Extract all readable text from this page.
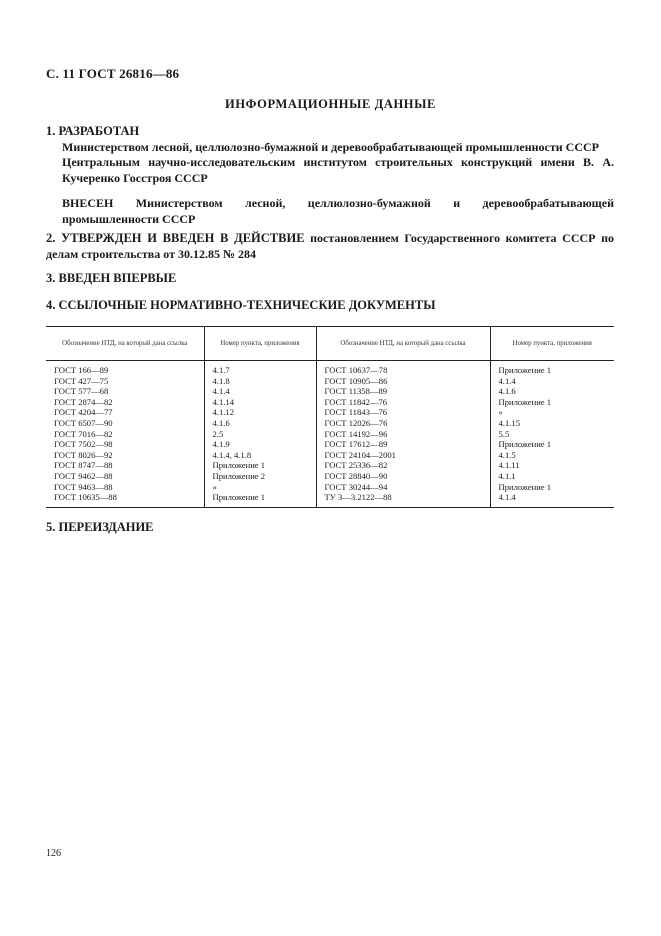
С. 11 ГОСТ 26816—86
ИНФОРМАЦИОННЫЕ ДАННЫЕ
1. РАЗРАБОТАН
Министерством лесной, целлюлозно-бумажной и деревообрабатывающей промышленности СССР
Центральным научно-исследовательским институтом строительных конструкций имени В. А. Кучеренко Госстроя СССР
ВНЕСЕН Министерством лесной, целлюлозно-бумажной и деревообрабатывающей промышленности СССР
2. УТВЕРЖДЕН И ВВЕДЕН В ДЕЙСТВИЕ постановлением Государственного комитета СССР по делам строительства от 30.12.85 № 284
3. ВВЕДЕН ВПЕРВЫЕ
4. ССЫЛОЧНЫЕ НОРМАТИВНО-ТЕХНИЧЕСКИЕ ДОКУМЕНТЫ
Обозначение НТД, на который дана ссылка	Номер пункта, приложения	Обозначение НТД, на который дана ссылка	Номер пункта, приложения
ГОСТ 166—89	4.1.7	ГОСТ 10637—78	Приложение 1
ГОСТ 427—75	4.1.8	ГОСТ 10905—86	4.1.4
ГОСТ 577—68	4.1.4	ГОСТ 11358—89	4.1.6
ГОСТ 2874—82	4.1.14	ГОСТ 11842—76	Приложение 1
ГОСТ 4204—77	4.1.12	ГОСТ 11843—76	»
ГОСТ 6507—90	4.1.6	ГОСТ 12026—76	4.1.15
ГОСТ 7016—82	2.5	ГОСТ 14192—96	5.5
ГОСТ 7502—98	4.1.9	ГОСТ 17612—89	Приложение 1
ГОСТ 8026—92	4.1.4, 4.1.8	ГОСТ 24104—2001	4.1.5
ГОСТ 8747—88	Приложение 1	ГОСТ 25336—82	4.1.11
ГОСТ 9462—88	Приложение 2	ГОСТ 28840—90	4.1.1
ГОСТ 9463—88	»	ГОСТ 30244—94	Приложение 1
ГОСТ 10635—88	Приложение 1	ТУ 3—3.2122—88	4.1.4
5. ПЕРЕИЗДАНИЕ
126
